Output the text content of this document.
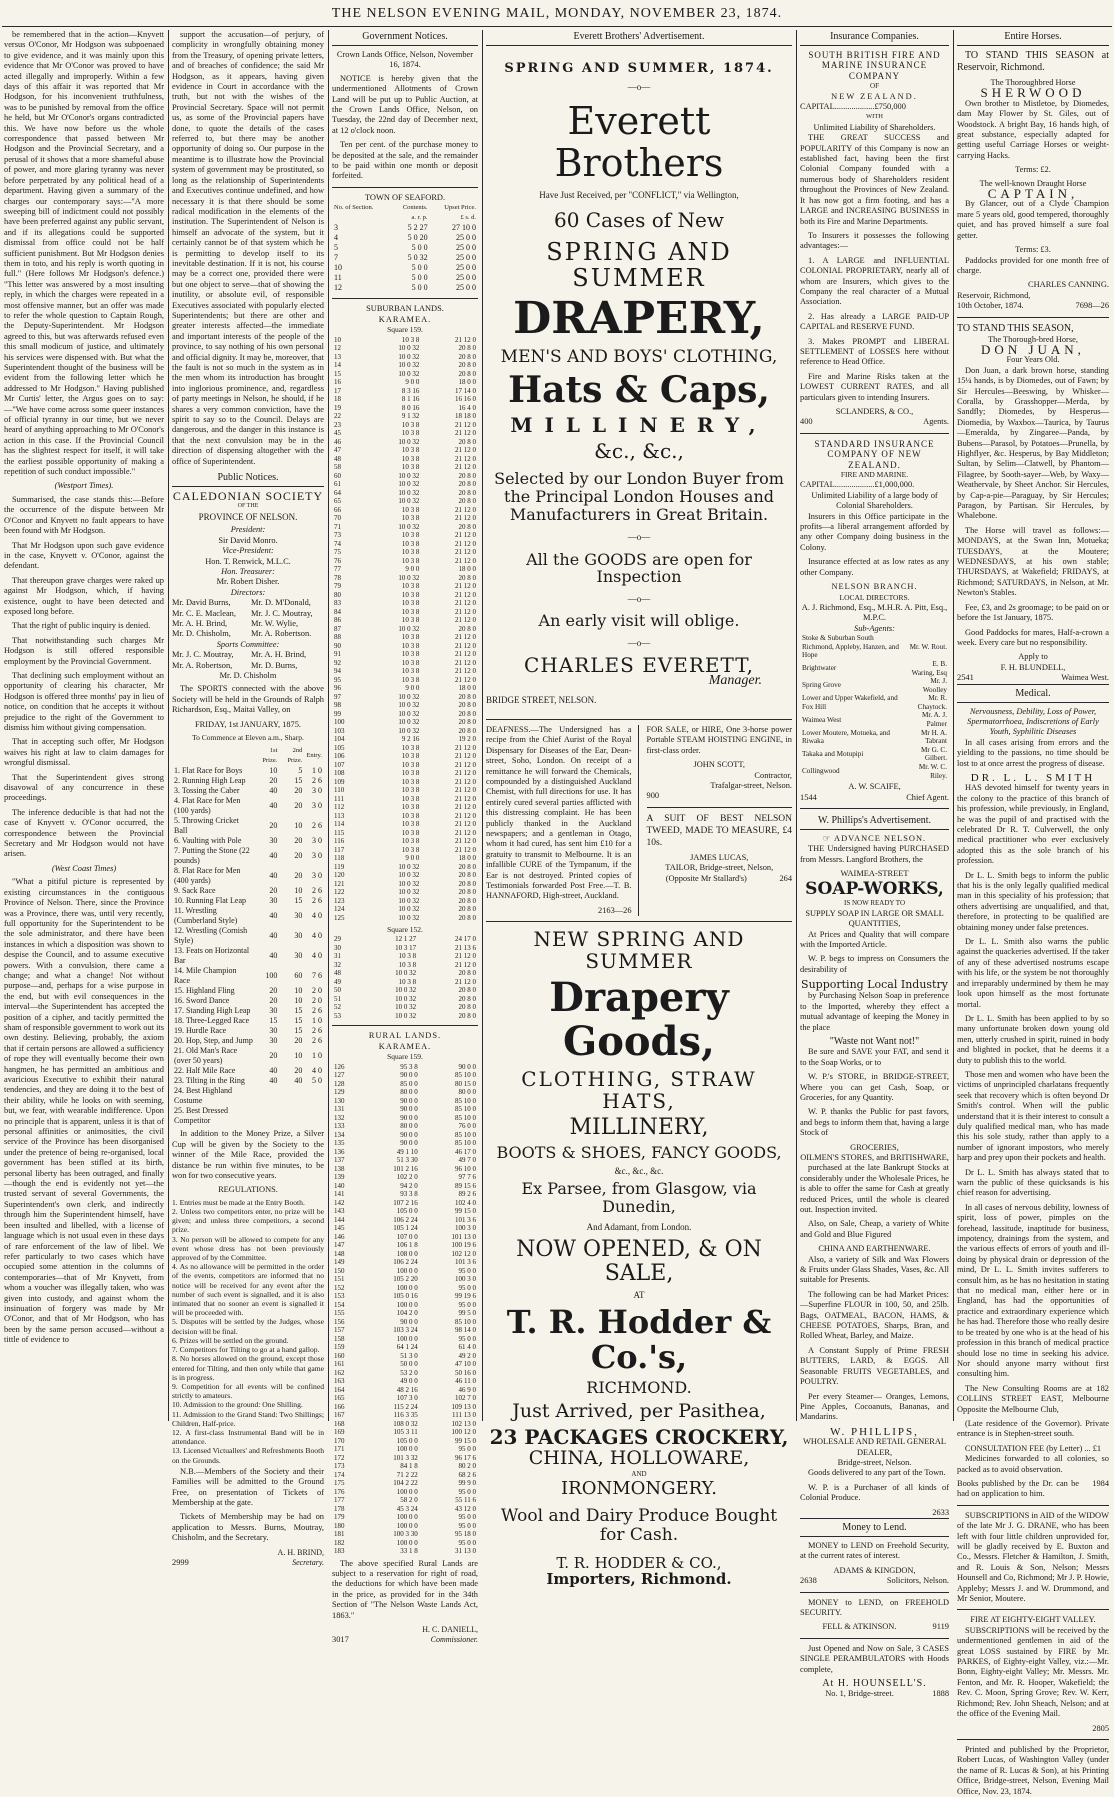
THE NELSON EVENING MAIL, MONDAY, NOVEMBER 23, 1874.

be remembered that in the action—Knyvett versus O'Conor, Mr Hodgson was subpoenaed to give evidence, and it was mainly upon this evidence that Mr O'Conor was proved to have acted illegally and improperly. Within a few days of this affair it was reported that Mr Hodgson, for his inconvenient truthfulness, was to be punished by removal from the office he held, but Mr O'Conor's organs contradicted this. We have now before us the whole correspondence that passed between Mr Hodgson and the Provincial Secretary, and a perusal of it shows that a more shameful abuse of power, and more glaring tyranny was never before perpetrated by any political head of a department. Having given a summary of the charges our contemporary says:—"A more sweeping bill of indictment could not possibly have been preferred against any public servant, and if its allegations could be supported dismissal from office could not be half sufficient punishment. But Mr Hodgson denies them in toto, and his reply is worth quoting in full." (Here follows Mr Hodgson's defence.) "This letter was answered by a most insulting reply, in which the charges were repeated in a most offensive manner, but an offer was made to refer the whole question to Captain Rough, the Deputy-Superintendent. Mr Hodgson agreed to this, but was afterwards refused even this small modicum of justice, and ultimately his services were dispensed with. But what the Superintendent thought of the business will be evident from the following letter which he addressed to Mr Hodgson." Having published Mr Curtis' letter, the Argus goes on to say:—"We have come across some queer instances of official tyranny in our time, but we never heard of anything approaching to Mr O'Conor's action in this case. If the Provincial Council has the slightest respect for itself, it will take the earliest possible opportunity of making a repetition of such conduct impossible."

(Westport Times).

Summarised, the case stands this:—Before the occurrence of the dispute between Mr O'Conor and Knyvett no fault appears to have been found with Mr Hodgson.

That Mr Hodgson upon such gave evidence in the case, Knyvett v. O'Conor, against the defendant.

That thereupon grave charges were raked up against Mr Hodgson, which, if having existence, ought to have been detected and exposed long before.

That the right of public inquiry is denied.

That notwithstanding such charges Mr Hodgson is still offered responsible employment by the Provincial Government.

That declining such employment without an opportunity of clearing his character, Mr Hodgson is offered three months' pay in lieu of notice, on condition that he accepts it without prejudice to the right of the Government to dismiss him without giving compensation.

That in accepting such offer, Mr Hodgson waives his right at law to claim damages for wrongful dismissal.

That the Superintendent gives strong disavowal of any concurrence in these proceedings.

The inference deducible is that had not the case of Knyvett v. O'Conor occurred, the correspondence between the Provincial Secretary and Mr Hodgson would not have arisen.

(West Coast Times)

"What a pitiful picture is represented by existing circumstances in the contiguous Province of Nelson. There, since the Province was a Province, there was, until very recently, full opportunity for the Superintendent to be the sole administrator, and there have been instances in which a disposition was shown to despise the Council, and to assume executive powers. With a convulsion, there came a change; and what a change! Not without purpose—and, perhaps for a wise purpose in the end, but with evil consequences in the interval—the Superintendent has accepted the position of a cipher, and tacitly permitted the sham of responsible government to work out its own destiny. Believing, probably, the axiom that if certain persons are allowed a sufficiency of rope they will eventually become their own hangmen, he has permitted an ambitious and avaricious Executive to exhibit their natural tendencies, and they are doing it to the best of their ability, while he looks on with seeming, but, we fear, with wearable indifference. Upon no principle that is apparent, unless it is that of personal affinities or animosities, the civil service of the Province has been disorganised under the pretence of being re-organised, local government has been stifled at its birth, personal liberty has been outraged, and finally—though the end is evidently not yet—the trusted servant of several Governments, the Superintendent's own clerk, and indirectly through him the Superintendent himself, have been insulted and libelled, with a license of language which is not usual even in these days of rare enforcement of the law of libel. We refer particularly to two cases which have occupied some attention in the columns of contemporaries—that of Mr Knyvett, from whom a voucher was illegally taken, who was given into custody, and against whom the insinuation of forgery was made by Mr O'Conor, and that of Mr Hodgson, who has been by the same person accused—without a tittle of evidence to

support the accusation—of perjury, of complicity in wrongfully obtaining money from the Treasury, of opening private letters, and of breaches of confidence; the said Mr Hodgson, as it appears, having given evidence in Court in accordance with the truth, but not with the wishes of the Provincial Secretary. Space will not permit us, as some of the Provincial papers have done, to quote the details of the cases referred to, but there may be another opportunity of doing so. Our purpose in the meantime is to illustrate how the Provincial system of government may be prostituted, so long as the relationship of Superintendents and Executives continue undefined, and how necessary it is that there should be some radical modification in the elements of the institution. The Superintendent of Nelson is himself an advocate of the system, but it certainly cannot be of that system which he is permitting to develop itself to its inevitable destination. If it is not, his course may be a correct one, provided there were but one object to serve—that of showing the inutility, or absolute evil, of responsible Executives associated with popularly elected Superintendents; but there are other and greater interests affected—the immediate and important interests of the people of the province, to say nothing of his own personal and official dignity. It may be, moreover, that the fault is not so much in the system as in the men whom its introduction has brought into inglorious prominence, and, regardless of party meetings in Nelson, he should, if he shares a very common conviction, have the spirit to say so to the Council. Delays are dangerous, and the danger in this instance is that the next convulsion may be in the direction of dispensing altogether with the office of Superintendent.

Public Notices.
CALEDONIAN SOCIETY
OF THE
PROVINCE OF NELSON.
President:
Sir David Monro.
Vice-President:
Hon. T. Renwick, M.L.C.
Hon. Treasurer:
Mr. Robert Disher.
Directors:
Mr. David Burns,
Mr. C. E. Maclean,
Mr. A. H. Brind,
Mr. D. Chisholm,
Mr. D. M'Donald,
Mr. J. C. Moutray,
Mr. W. Wylie,
Mr. A. Robertson.
Sports Committee:
Mr. J. C. Moutray,
Mr. A. Robertson,
Mr. A. H. Brind,
Mr. D. Burns,
Mr. D. Chisholm

The SPORTS connected with the above Society will be held in the Grounds of Ralph Richardson, Esq., Maitai Valley, on

FRIDAY, 1st JANUARY, 1875.
To Commence at Eleven a.m., Sharp.
	1st Prize.	2nd Prize.	Entry.
1. Flat Race for Boys	10	5	1 0
2. Running High Leap	20	15	2 6
3. Tossing the Caber	40	20	3 0
4. Flat Race for Men (100 yards)	40	20	3 0
5. Throwing Cricket Ball	20	10	2 6
6. Vaulting with Pole	30	20	3 0
7. Putting the Stone (22 pounds)	40	20	3 0
8. Flat Race for Men (400 yards)	40	20	3 0
9. Sack Race	20	10	2 6
10. Running Flat Leap	30	15	2 6
11. Wrestling (Cumberland Style)	40	30	4 0
12. Wrestling (Cornish Style)	40	30	4 0
13. Feats on Horizontal Bar	40	30	4 0
14. Mile Champion Race	100	60	7 6
15. Highland Fling	20	10	2 0
16. Sword Dance	20	10	2 0
17. Standing High Leap	30	15	2 6
18. Three-Legged Race	15	15	1 0
19. Hurdle Race	30	15	2 6
20. Hop, Step, and Jump	30	20	2 6
21. Old Man's Race (over 50 years)	20	10	1 0
22. Half Mile Race	40	20	4 0
23. Tilting in the Ring	40	40	5 0
24. Best Highland Costume			
25. Best Dressed Competitor			

In addition to the Money Prize, a Silver Cup will be given by the Society to the winner of the Mile Race, provided the distance be run within five minutes, to be won for two consecutive years.

REGULATIONS.
1. Entries must be made at the Entry Booth.
2. Unless two competitors enter, no prize will be given; and unless three competitors, a second prize.
3. No person will be allowed to compete for any event whose dress has not been previously approved of by the Committee.
4. As no allowance will be permitted in the order of the events, competitors are informed that no notice will be received for any event after the number of such event is signalled, and it is also intimated that no sooner an event is signalled it will be proceeded with.
5. Disputes will be settled by the Judges, whose decision will be final.
6. Prizes will be settled on the ground.
7. Competitors for Tilting to go at a hand gallop.
8. No horses allowed on the ground, except those entered for Tilting, and then only while that game is in progress.
9. Competition for all events will be confined strictly to amateurs.
10. Admission to the ground: One Shilling.
11. Admission to the Grand Stand: Two Shillings; Children, Half-price.
12. A first-class Instrumental Band will be in attendance.
13. Licensed Victuallers' and Refreshments Booth on the Grounds.

N.B.—Members of the Society and their Families will be admitted to the Ground Free, on presentation of Tickets of Membership at the gate.

Tickets of Membership may be had on application to Messrs. Burns, Moutray, Chisholm, and the Secretary.

A. H. BRIND,
2999	Secretary.
Government Notices.
Crown Lands Office, Nelson, November 16, 1874.

NOTICE is hereby given that the undermentioned Allotments of Crown Land will be put up to Public Auction, at the Crown Lands Office, Nelson, on Tuesday, the 22nd day of December next, at 12 o'clock noon.

Ten per cent. of the purchase money to be deposited at the sale, and the remainder to be paid within one month or deposit forfeited.

TOWN OF SEAFORD.
No. of Section.	Contents.	Upset Price.
	a. r. p.	£ s. d.
3	5 2 27	27 10 0
4	5 0 20	25 0 0
5	5 0 0	25 0 0
7	5 0 32	25 0 0
10	5 0 0	25 0 0
11	5 0 0	25 0 0
12	5 0 0	25 0 0
SUBURBAN LANDS.
KARAMEA.
Square 159.
10	10 3 8	21 12 0
12	10 0 32	20 8 0
13	10 0 32	20 8 0
14	10 0 32	20 8 0
15	10 0 32	20 8 0
16	9 0 0	18 0 0
17	8 3 16	17 14 0
18	8 1 16	16 16 0
19	8 0 16	16 4 0
22	9 1 32	18 18 0
23	10 3 8	21 12 0
45	10 3 8	21 12 0
46	10 0 32	20 8 0
47	10 3 8	21 12 0
48	10 3 8	21 12 0
58	10 3 8	21 12 0
60	10 0 32	20 8 0
61	10 0 32	20 8 0
64	10 0 32	20 8 0
65	10 0 32	20 8 0
66	10 3 8	21 12 0
70	10 3 8	21 12 0
71	10 0 32	20 8 0
73	10 3 8	21 12 0
74	10 3 8	21 12 0
75	10 3 8	21 12 0
76	10 3 8	21 12 0
77	9 0 0	18 0 0
78	10 0 32	20 8 0
79	10 3 8	21 12 0
80	10 3 8	21 12 0
83	10 3 8	21 12 0
84	10 3 8	21 12 0
86	10 3 8	21 12 0
87	10 0 32	20 8 0
88	10 3 8	21 12 0
90	10 3 8	21 12 0
91	10 3 8	21 12 0
92	10 3 8	21 12 0
94	10 3 8	21 12 0
95	10 3 8	21 12 0
96	9 0 0	18 0 0
97	10 0 32	20 8 0
98	10 0 32	20 8 0
99	10 0 32	20 8 0
100	10 0 32	20 8 0
103	10 0 32	20 8 0
104	9 2 16	19 2 0
105	10 3 8	21 12 0
106	10 3 8	21 12 0
107	10 3 8	21 12 0
108	10 3 8	21 12 0
109	10 3 8	21 12 0
110	10 3 8	21 12 0
111	10 3 8	21 12 0
112	10 3 8	21 12 0
113	10 3 8	21 12 0
114	10 3 8	21 12 0
115	10 3 8	21 12 0
116	10 3 8	21 12 0
117	10 3 8	21 12 0
118	9 0 0	18 0 0
119	10 0 32	20 8 0
120	10 0 32	20 8 0
121	10 0 32	20 8 0
122	10 0 32	20 8 0
123	10 0 32	20 8 0
124	10 0 32	20 8 0
125	10 0 32	20 8 0
Square 152.
29	12 1 27	24 17 0
30	10 3 17	21 13 6
31	10 3 8	21 12 0
32	10 3 8	21 12 0
48	10 0 32	20 8 0
49	10 3 8	21 12 0
50	10 0 32	20 8 0
51	10 0 32	20 8 0
52	10 0 32	20 8 0
53	10 0 32	20 8 0
RURAL LANDS.
KARAMEA.
Square 159.
126	95 3 8	90 0 0
127	90 0 0	85 10 0
128	85 0 0	80 15 0
129	80 0 0	80 0 0
130	90 0 0	85 10 0
131	90 0 0	85 10 0
132	90 0 0	85 10 0
133	80 0 0	76 0 0
134	90 0 0	85 10 0
135	90 0 0	85 10 0
136	49 1 10	46 17 0
137	51 3 30	49 7 0
138	101 2 16	96 10 0
139	102 2 0	97 7 6
140	94 2 0	89 15 6
141	93 3 8	89 2 6
142	107 2 16	102 4 0
143	105 0 0	99 15 0
144	106 2 24	101 3 6
145	105 1 24	100 3 0
146	107 0 0	101 13 0
147	106 1 8	100 19 6
148	108 0 0	102 12 0
149	106 2 24	101 3 6
150	100 0 0	95 0 0
151	105 2 20	100 3 0
152	100 0 0	95 0 0
153	105 0 16	99 19 6
154	100 0 0	95 0 0
155	104 2 0	99 5 0
156	90 0 0	85 10 0
157	103 3 24	98 14 0
158	100 0 0	95 0 0
159	64 1 24	61 4 0
160	51 3 0	49 2 0
161	50 0 0	47 10 0
162	53 2 0	50 16 0
163	49 0 0	46 11 0
164	48 2 16	46 9 0
165	107 3 0	102 7 0
166	115 2 24	109 13 0
167	116 3 35	111 13 0
168	108 0 32	102 13 0
169	105 3 11	100 12 0
170	105 0 0	99 15 0
171	100 0 0	95 0 0
172	101 3 32	96 17 6
173	84 1 8	80 2 0
174	71 2 22	68 2 6
175	104 2 22	99 9 0
176	100 0 0	95 0 0
177	58 2 0	55 11 6
178	45 3 24	43 12 0
179	100 0 0	95 0 0
180	100 0 0	95 0 0
181	100 3 30	95 18 0
182	100 0 0	95 0 0
183	33 1 8	31 13 0

The above specified Rural Lands are subject to a reservation for right of road, the deductions for which have been made in the price, as provided for in the 34th Section of "The Nelson Waste Lands Act, 1863."

H. C. DANIELL,
3017	Commissioner.
Everett Brothers' Advertisement.
SPRING AND SUMMER, 1874.
—o—
Everett Brothers
Have Just Received, per "CONFLICT," via Wellington,
60 Cases of New
SPRING AND SUMMER
DRAPERY,
MEN'S AND BOYS' CLOTHING,
Hats & Caps,
MILLINERY,
&c., &c.,
Selected by our London Buyer from the Principal London Houses and Manufacturers in Great Britain.
—o—
All the GOODS are open for Inspection
—o—
An early visit will oblige.
—o—
CHARLES EVERETT,
Manager.
BRIDGE STREET, NELSON.

DEAFNESS.—The Undersigned has a recipe from the Chief Aurist of the Royal Dispensary for Diseases of the Ear, Dean-street, Soho, London. On receipt of a remittance he will forward the Chemicals, compounded by a distinguished Auckland Chemist, with full directions for use. It has entirely cured several parties afflicted with this distressing complaint. He has been publicly thanked in the Auckland newspapers; and a gentleman in Otago, whom it had cured, has sent him £10 for a gratuity to transmit to Melbourne. It is an infallible CURE of the Tympanum, if the Ear is not destroyed. Printed copies of Testimonials forwarded Post Free.—T. B. HANNAFORD, High-street, Auckland.

2163—26

FOR SALE, or HIRE, One 3-horse power Portable STEAM HOISTING ENGINE, in first-class order.

JOHN SCOTT,
Contractor,
Trafalgar-street, Nelson.
900

A SUIT OF BEST NELSON TWEED, MADE TO MEASURE, £4 10s.

JAMES LUCAS,
TAILOR, Bridge-street, Nelson,
(Opposite Mr Stallard's)	264
NEW SPRING AND SUMMER
Drapery Goods,
CLOTHING, STRAW HATS,
MILLINERY,
BOOTS & SHOES, FANCY GOODS,
&c., &c., &c.
Ex Parsee, from Glasgow, via Dunedin,
And Adamant, from London.
NOW OPENED, & ON SALE,
AT
T. R. Hodder & Co.'s,
RICHMOND.
Just Arrived, per Pasithea,
23 PACKAGES CROCKERY,
CHINA, HOLLOWARE,
AND
IRONMONGERY.
Wool and Dairy Produce Bought for Cash.
T. R. HODDER & CO.,
Importers, Richmond.
Insurance Companies.
SOUTH BRITISH FIRE AND MARINE INSURANCE COMPANY
OF
NEW ZEALAND.
CAPITAL...................£750,000
WITH
Unlimited Liability of Shareholders.

THE GREAT SUCCESS and POPULARITY of this Company is now an established fact, having been the first Colonial Company founded with a numerous body of Shareholders resident throughout the Provinces of New Zealand. It has now got a firm footing, and has a LARGE and INCREASING BUSINESS in both its Fire and Marine Departments.

To Insurers it possesses the following advantages:—

1. A LARGE and INFLUENTIAL COLONIAL PROPRIETARY, nearly all of whom are Insurers, which gives to the Company the real character of a Mutual Association.

2. Has already a LARGE PAID-UP CAPITAL and RESERVE FUND.

3. Makes PROMPT and LIBERAL SETTLEMENT of LOSSES here without reference to Head Office.

Fire and Marine Risks taken at the LOWEST CURRENT RATES, and all particulars given to intending Insurers.

SCLANDERS, & CO.,
400	Agents.
STANDARD INSURANCE COMPANY OF NEW ZEALAND.
FIRE AND MARINE.
CAPITAL...................£1,000,000.
Unlimited Liability of a large body of Colonial Shareholders.

Insurers in this Office participate in the profits—a liberal arrangement afforded by any other Company doing business in the Colony.

Insurance effected at as low rates as any other Company.

NELSON BRANCH.
LOCAL DIRECTORS.
A. J. Richmond, Esq., M.H.R. A. Pitt, Esq., M.P.C.
Sub-Agents:
Stoke & Suburban South Richmond, Appleby, Hanzen, and Hope	Mr. W. Rout.
Brightwater	E. B. Waring, Esq
Spring Grove	Mr. J. Woolley
Lower and Upper Wakefield, and Fox Hill	Mr. R. Chaytock.
Waimea West	Mr. A. J. Palmer
Lower Moutere, Motueka, and Riwaka	Mr H. A. Tabrant
Takaka and Motupipi	Mr G. C. Gilbert.
Collingwood	Mr. W. C. Riley.
A. W. SCAIFE,
1544	Chief Agent.
W. Phillips's Advertisement.
☞ ADVANCE NELSON.

THE Undersigned having PURCHASED from Messrs. Langford Brothers, the

WAIMEA-STREET
SOAP-WORKS,
IS NOW READY TO
SUPPLY SOAP IN LARGE OR SMALL QUANTITIES,

At Prices and Quality that will compare with the Imported Article.

W. P. begs to impress on Consumers the desirability of

Supporting Local Industry

by Purchasing Nelson Soap in preference to the Imported, whereby they effect a mutual advantage of keeping the Money in the place

"Waste not Want not!"

Be sure and SAVE your FAT, and send it to the Soap Works, or to

W. P.'s STORE, in BRIDGE-STREET, Where you can get Cash, Soap, or Groceries, for any Quantity.

W. P. thanks the Public for past favors, and begs to inform them that, having a large Stock of

GROCERIES,
OILMEN'S STORES, and BRITISHWARE,

purchased at the late Bankrupt Stocks at considerably under the Wholesale Prices, he is able to offer the same for Cash at greatly reduced Prices, until the whole is cleared out. Inspection invited.

Also, on Sale, Cheap, a variety of White and Gold and Blue Figured

CHINA AND EARTHENWARE.

Also, a variety of Silk and Wax Flowers & Fruits under Glass Shades, Vases, &c. All suitable for Presents.

The following can be had Market Prices:—Superfine FLOUR in 100, 50, and 25lb. Bags, OATMEAL, BACON, HAMS, & CHEESE POTATOES, Sharps, Bran, and Rolled Wheat, Barley, and Maize.

A Constant Supply of Prime FRESH BUTTERS, LARD, & EGGS. All Seasonable FRUITS VEGETABLES, and POULTRY.

Per every Steamer— Oranges, Lemons, Pine Apples, Cocoanuts, Bananas, and Mandarins.

W. PHILLIPS,
WHOLESALE AND RETAIL GENERAL DEALER,
Bridge-street, Nelson.

Goods delivered to any part of the Town.

W. P. is a Purchaser of all kinds of Colonial Produce.

2633
Money to Lend.

MONEY to LEND on Freehold Security, at the current rates of interest.

ADAMS & KINGDON,
2638	Solicitors, Nelson.

MONEY to LEND, on FREEHOLD SECURITY.

FELL & ATKINSON.	9119

Just Opened and Now on Sale, 3 CASES SINGLE PERAMBULATORS with Hoods complete,

At H. HOUNSELL'S.
No. 1, Bridge-street.	1888
Entire Horses.

TO STAND THIS SEASON at Reservoir, Richmond.

The Thoroughbred Horse
SHERWOOD

Own brother to Mistletoe, by Diomedes, dam May Flower by St. Giles, out of Woodstock. A bright Bay, 16 hands high, of great substance, especially adapted for getting useful Carriage Horses or weight-carrying Hacks.

Terms: £2.
The well-known Draught Horse
CAPTAIN,

By Glancer, out of a Clyde Champion mare 5 years old, good tempered, thoroughly quiet, and has proved himself a sure foal getter.

Terms: £3.

Paddocks provided for one month free of charge.

CHARLES CANNING.
Reservoir, Richmond,
10th October, 1874.	7698—26
TO STAND THIS SEASON,
The Thorough-bred Horse,
DON JUAN,
Four Years Old.

Don Juan, a dark brown horse, standing 15¼ hands, is by Diomedes, out of Fawn; by Sir Hercules—Beeswing, by Whisker—Coralla, by Grasshopper—Merda, by Sandfly; Diomedes, by Hesperus—Diomedia, by Waxbox—Taurica, by Taurus—Emeralda, by Zingaree—Panda, by Bubens—Parasol, by Potatoes—Prunella, by Highflyer, &c. Hesperus, by Bay Middleton; Sultan, by Selim—Clatwell, by Phantom—Filagree, by Sooth-sayer—Web, by Waxy—Weathervale, by Sheet Anchor. Sir Hercules, by Cap-a-pie—Paraguay, by Sir Hercules; Paragon, by Partisan. Sir Hercules, by Whalebone.

The Horse will travel as follows:—MONDAYS, at the Swan Inn, Motueka; TUESDAYS, at the Moutere; WEDNESDAYS, at his own stable; THURSDAYS, at Wakefield; FRIDAYS, at Richmond; SATURDAYS, in Nelson, at Mr. Newton's Stables.

Fee, £3, and 2s groomage; to be paid on or before the 1st January, 1875.

Good Paddocks for mares, Half-a-crown a week. Every care but no responsibility.

Apply to
F. H. BLUNDELL,
2541	Waimea West.
Medical.
Nervousness, Debility, Loss of Power, Spermatorrhoea, Indiscretions of Early Youth, Syphilitic Diseases

In all cases arising from errors and the yielding to the passions, no time should be lost to at once arrest the progress of disease.

DR. L. L. SMITH

HAS devoted himself for twenty years in the colony to the practice of this branch of his profession, while previously, in England, he was the pupil of and practised with the celebrated Dr R. T. Culverwell, the only medical practitioner who ever exclusively adopted this as the sole branch of his profession.

Dr L. L. Smith begs to inform the public that his is the only legally qualified medical man in this speciality of his profession; that others advertising are unqualified, and that, therefore, in protecting to be qualified are obtaining money under false pretences.

Dr L. L. Smith also warns the public against the quackeries advertised. If the taker of any of these advertised nostrums escape with his life, or the system be not thoroughly and irreparably undermined by them he may look upon himself as the most fortunate mortal.

Dr L. L. Smith has been applied to by so many unfortunate broken down young old men, utterly crushed in spirit, ruined in body and blighted in pocket, that he deems it a duty to publish this to the world.

Those men and women who have been the victims of unprincipled charlatans frequently seek that recovery which is often beyond Dr Smith's control. When will the public understand that it is their interest to consult a duly qualified medical man, who has made this his sole study, rather than apply to a number of ignorant impostors, who merely harp and prey upon their pockets and health.

Dr L. L. Smith has always stated that to warn the public of these quicksands is his chief reason for advertising.

In all cases of nervous debility, lowness of spirit, loss of power, pimples on the forehead, lassitude, inaptitude for business, impotency, drainings from the system, and the various effects of errors of youth and ill-doing by physical drain or depression of the mind, Dr L. L. Smith invites sufferers to consult him, as he has no hesitation in stating that no medical man, either here or in England, has had the opportunities of practice and extraordinary experience which he has had. Therefore those who really desire to be treated by one who is at the head of his profession in this branch of medical practice should lose no time in seeking his advice. Nor should anyone marry without first consulting him.

The New Consulting Rooms are at 182 COLLINS STREET EAST, Melbourne Opposite the Melbourne Club,

(Late residence of the Governor). Private entrance is in Stephen-street south.

CONSULTATION FEE (by Letter) ... £1

Medicines forwarded to all colonies, so packed as to avoid observation.

Books published by the Dr. can be had on application to him.
1984

SUBSCRIPTIONS in AID of the WIDOW of the late Mr J. G. DRANE, who has been left with four little children unprovided for, will be gladly received by E. Buxton and Co., Messrs. Fletcher & Hamilton, J. Smith, and R. Louis & Son, Nelson; Messrs Hounsell and Co, Richmond; Mr J. P. Howie, Appleby; Messrs J. and W. Drummond, and Mr Senior, Moutere.

FIRE AT EIGHTY-EIGHT VALLEY.

SUBSCRIPTIONS will be received by the undermentioned gentlemen in aid of the great LOSS sustained by FIRE by Mr. PARKES, of Eighty-eight Valley, viz.:—Mr. Bonn, Eighty-eight Valley; Mr. Messrs. Mr. Fenton, and Mr. R. Hooper, Wakefield; the Rev. C. Moon, Spring Grove; Rev. W. Kerr, Richmond; Rev. John Sheach, Nelson; and at the office of the Evening Mail.

2805

Printed and published by the Proprietor, Robert Lucas, of Washington Valley (under the name of R. Lucas & Son), at his Printing Office, Bridge-street, Nelson, Evening Mail Office, Nov. 23, 1874.
